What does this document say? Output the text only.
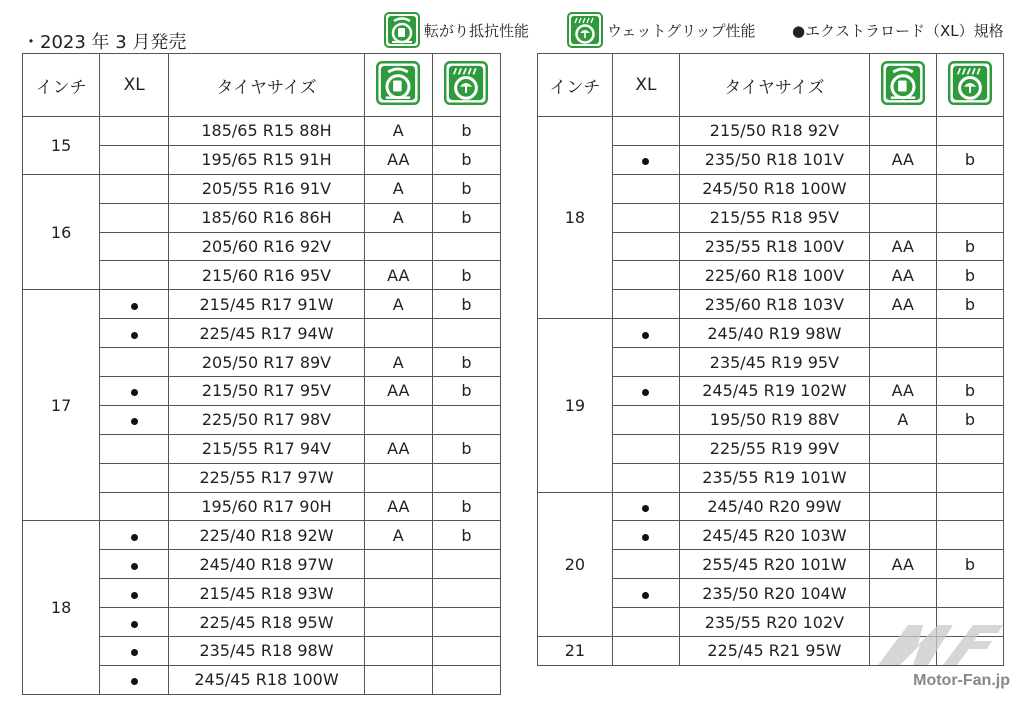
・2023 年 3 月発売
転がり抵抗性能	ウェットグリップ性能 ●エクストラロード（XL）規格
インチ	XL	タイヤサイズ		
15		185/65 R15 88H	A	b
		195/65 R15 91H	AA	b
16		205/55 R16 91V	A	b
		185/60 R16 86H	A	b
		205/60 R16 92V		
		215/60 R16 95V	AA	b
17		215/45 R17 91W	A	b
		225/45 R17 94W		
		205/50 R17 89V	A	b
		215/50 R17 95V	AA	b
		225/50 R17 98V		
		215/55 R17 94V	AA	b
		225/55 R17 97W		
		195/60 R17 90H	AA	b
18		225/40 R18 92W	A	b
		245/40 R18 97W		
		215/45 R18 93W		
		225/45 R18 95W		
		235/45 R18 98W		
		245/45 R18 100W		
インチ	XL	タイヤサイズ		
18		215/50 R18 92V		
		235/50 R18 101V	AA	b
		245/50 R18 100W		
		215/55 R18 95V		
		235/55 R18 100V	AA	b
		225/60 R18 100V	AA	b
		235/60 R18 103V	AA	b
19		245/40 R19 98W		
		235/45 R19 95V		
		245/45 R19 102W	AA	b
		195/50 R19 88V	A	b
		225/55 R19 99V		
		235/55 R19 101W		
20		245/40 R20 99W		
		245/45 R20 103W		
		255/45 R20 101W	AA	b
		235/50 R20 104W		
		235/55 R20 102V		
21		225/45 R21 95W		
Motor-Fan.jp
